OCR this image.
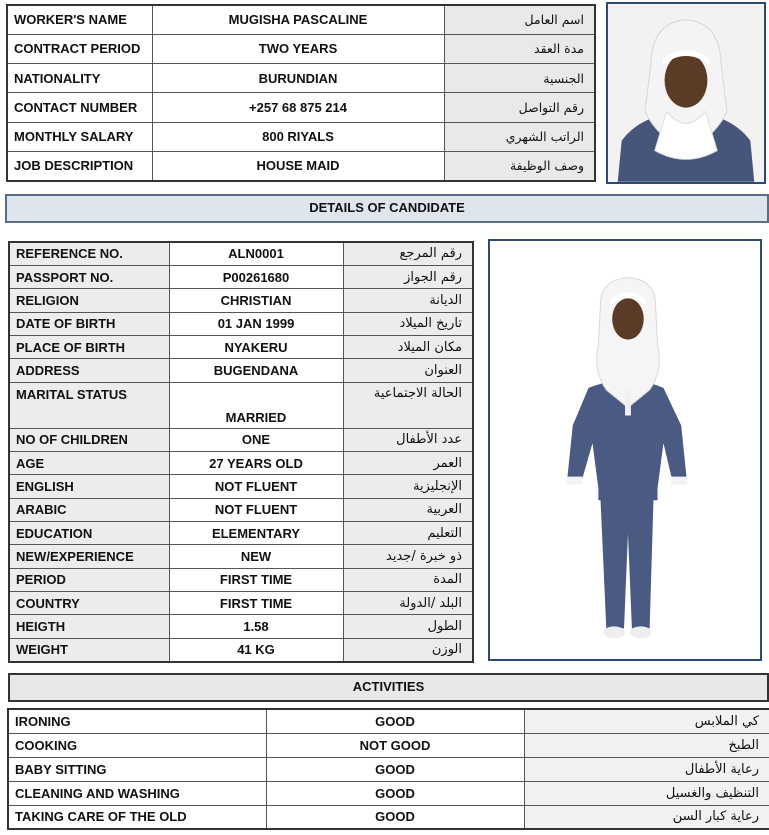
WORKER'S NAME	MUGISHA PASCALINE	اسم العامل
CONTRACT PERIOD	TWO YEARS	مدة العقد
NATIONALITY	BURUNDIAN	الجنسية
CONTACT NUMBER	+257 68 875 214	رقم التواصل
MONTHLY SALARY	800 RIYALS	الراتب الشهري
JOB DESCRIPTION	HOUSE MAID	وصف الوظيفة
DETAILS OF CANDIDATE
REFERENCE NO.	ALN0001	رقم المرجع
PASSPORT NO.	P00261680	رقم الجواز
RELIGION	CHRISTIAN	الديانة
DATE OF BIRTH	01 JAN 1999	تاريخ الميلاد
PLACE OF BIRTH	NYAKERU	مكان الميلاد
ADDRESS	BUGENDANA	العنوان
MARITAL STATUS	MARRIED	الحالة الاجتماعية
NO OF CHILDREN	ONE	عدد الأطفال
AGE	27 YEARS OLD	العمر
ENGLISH	NOT FLUENT	الإنجليزية
ARABIC	NOT FLUENT	العربية
EDUCATION	ELEMENTARY	التعليم
NEW/EXPERIENCE	NEW	ذو خبرة /جديد
PERIOD	FIRST TIME	المدة
COUNTRY	FIRST TIME	البلد /الدولة
HEIGTH	1.58	الطول
WEIGHT	41 KG	الوزن
ACTIVITIES
IRONING	GOOD	كي الملابس
COOKING	NOT GOOD	الطبخ
BABY SITTING	GOOD	رعاية الأطفال
CLEANING AND WASHING	GOOD	التنظيف والغسيل
TAKING CARE OF THE OLD	GOOD	رعاية كبار السن
